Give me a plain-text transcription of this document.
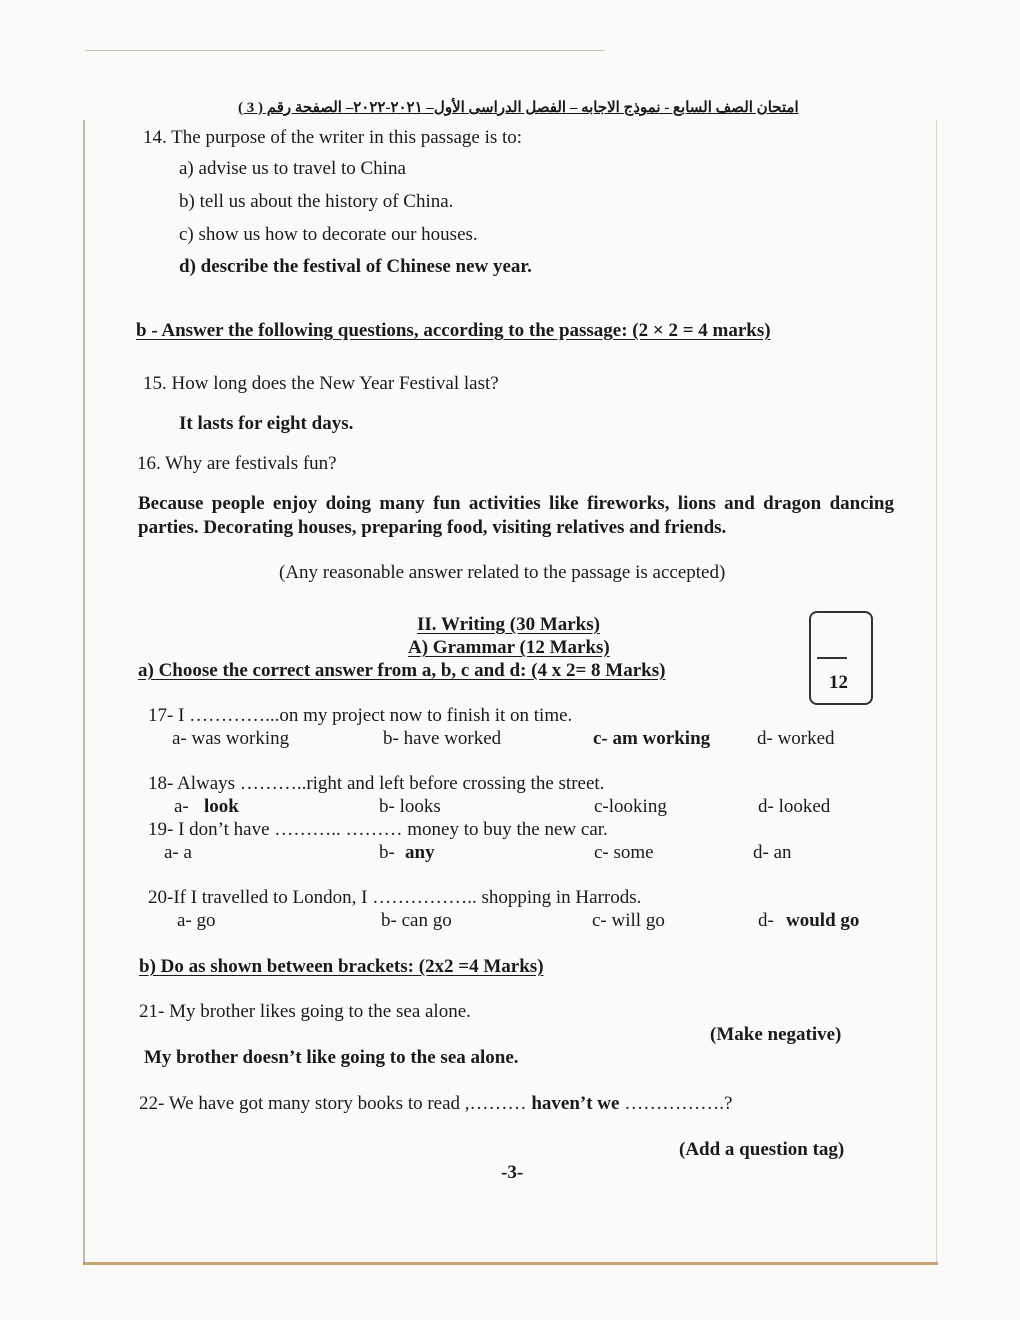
امتحان الصف السابع - نموذج الاجابه – الفصل الدراسى الأول– ٢٠٢١-٢٠٢٢– الصفحة رقم ( 3 )
14. The purpose of the writer in this passage is to:
a) advise us to travel to China
b) tell us about the history of China.
c) show us how to decorate our houses.
d) describe the festival of Chinese new year.
b - Answer the following questions, according to the passage: (2 × 2 = 4 marks)
15. How long does the New Year Festival last?
It lasts for eight days.
16. Why are festivals fun?
Because people enjoy doing many fun activities like fireworks, lions and dragon dancing parties. Decorating houses, preparing food, visiting relatives and friends.
(Any reasonable answer related to the passage is accepted)
II. Writing (30 Marks)
A) Grammar (12 Marks)
a) Choose the correct answer from a, b, c and d: (4 x 2= 8 Marks)
12
17- I …………...on my project now to finish it on time.
a- was working	b- have worked	c- am working d- worked
18- Always ………..right and left before crossing the street.
a- look	b- looks	c-looking	d- looked
19- I don’t have ……….. ……… money to buy the new car.
a- a	b- any	c- some	d- an
20-If I travelled to London, I …………….. shopping in Harrods.
a- go	b- can go	c- will go	d- would go
b) Do as shown between brackets: (2x2 =4 Marks)
21- My brother likes going to the sea alone.
(Make negative)
My brother doesn’t like going to the sea alone.
22- We have got many story books to read ,……… haven’t we …………….?
(Add a question tag)
-3-
